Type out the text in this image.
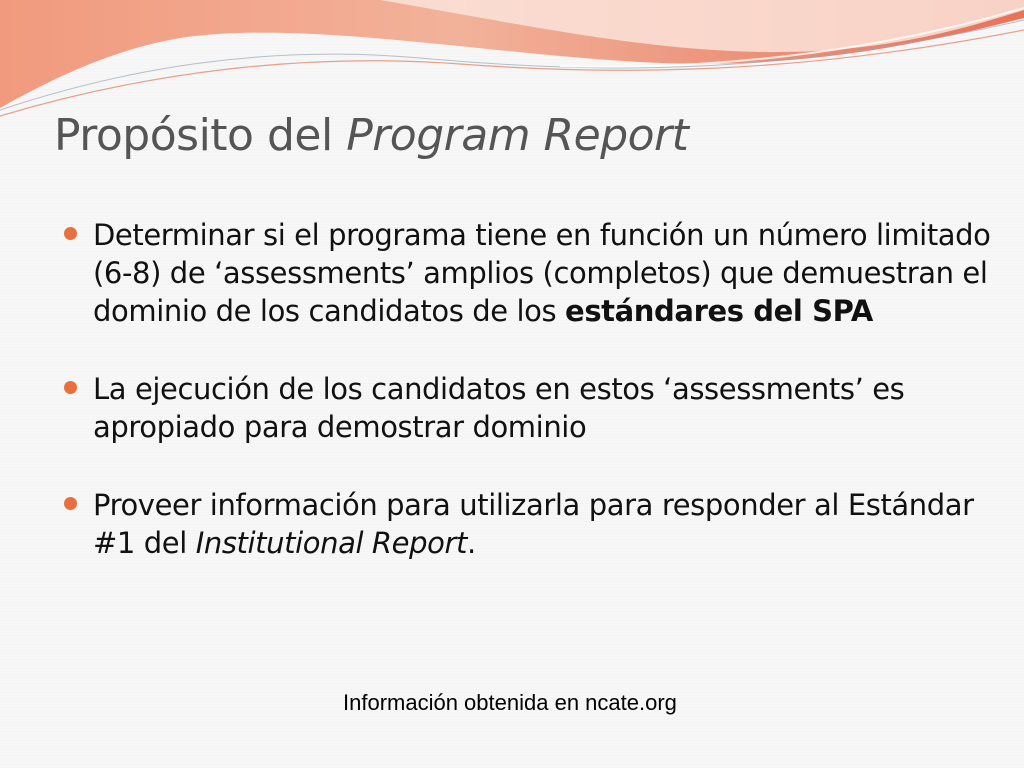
Propósito del Program Report
Determinar si el programa tiene en función un número limitado (6-8) de ‘assessments’ amplios (completos) que demuestran el dominio de los candidatos de los estándares del SPA
La ejecución de los candidatos en estos ‘assessments’ es apropiado para demostrar dominio
Proveer información para utilizarla para responder al Estándar #1 del Institutional Report.
Información obtenida en ncate.org
